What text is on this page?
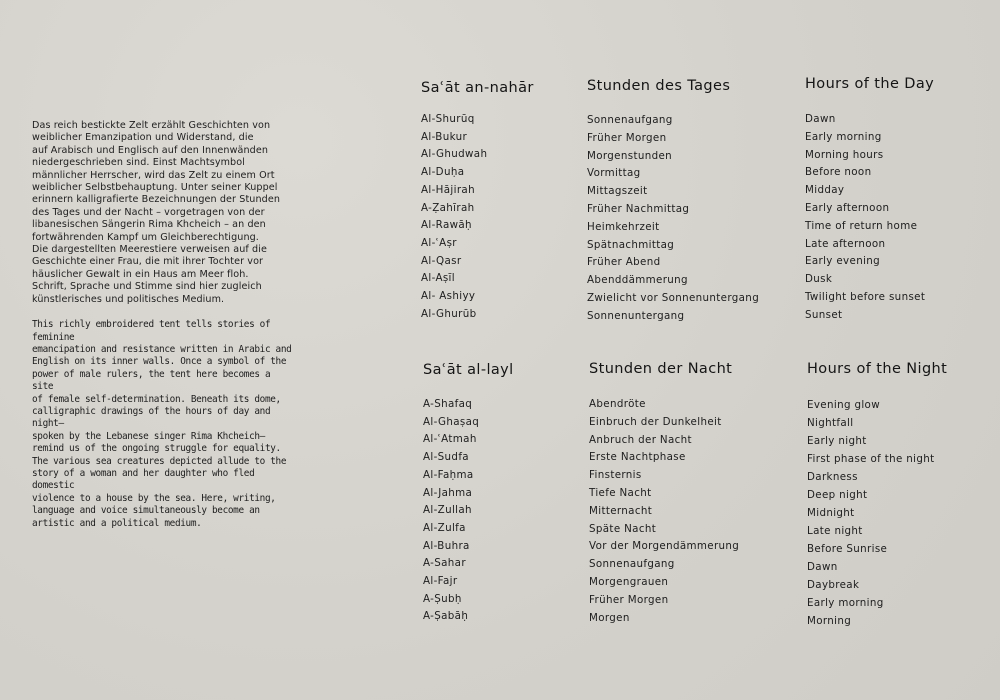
Das reich bestickte Zelt erzählt Geschichten von
weiblicher Emanzipation und Widerstand, die
auf Arabisch und Englisch auf den Innenwänden
niedergeschrieben sind. Einst Machtsymbol
männlicher Herrscher, wird das Zelt zu einem Ort
weiblicher Selbstbehauptung. Unter seiner Kuppel
erinnern kalligrafierte Bezeichnungen der Stunden
des Tages und der Nacht – vorgetragen von der
libanesischen Sängerin Rima Khcheich – an den
fortwährenden Kampf um Gleichberechtigung.
Die dargestellten Meerestiere verweisen auf die
Geschichte einer Frau, die mit ihrer Tochter vor
häuslicher Gewalt in ein Haus am Meer floh.
Schrift, Sprache und Stimme sind hier zugleich
künstlerisches und politisches Medium.

This richly embroidered tent tells stories of feminine
emancipation and resistance written in Arabic and
English on its inner walls. Once a symbol of the
power of male rulers, the tent here becomes a site
of female self-determination. Beneath its dome,
calligraphic drawings of the hours of day and night—
spoken by the Lebanese singer Rima Khcheich—
remind us of the ongoing struggle for equality.
The various sea creatures depicted allude to the
story of a woman and her daughter who fled domestic
violence to a house by the sea. Here, writing,
language and voice simultaneously become an
artistic and a political medium.

Saʿāt an-nahār
Al-Shurūq
Al-Bukur
Al-Ghudwah
Al-Duḥa
Al-Hājirah
A-Ẓahīrah
Al-Rawāḥ
Al-ʿAṣr
Al-Qasr
Al-Aṣīl
Al- Ashiyy
Al-Ghurūb
Stunden des Tages
Sonnenaufgang
Früher Morgen
Morgenstunden
Vormittag
Mittagszeit
Früher Nachmittag
Heimkehrzeit
Spätnachmittag
Früher Abend
Abenddämmerung
Zwielicht vor Sonnenuntergang
Sonnenuntergang
Hours of the Day
Dawn
Early morning
Morning hours
Before noon
Midday
Early afternoon
Time of return home
Late afternoon
Early evening
Dusk
Twilight before sunset
Sunset
Saʿāt al-layl
A-Shafaq
Al-Ghaṣaq
Al-ʿAtmah
Al-Sudfa
Al-Faḥma
Al-Jahma
Al-Zullah
Al-Zulfa
Al-Buhra
A-Sahar
Al-Fajr
A-Ṣubḥ
A-Ṣabāḥ
Stunden der Nacht
Abendröte
Einbruch der Dunkelheit
Anbruch der Nacht
Erste Nachtphase
Finsternis
Tiefe Nacht
Mitternacht
Späte Nacht
Vor der Morgendämmerung
Sonnenaufgang
Morgengrauen
Früher Morgen
Morgen
Hours of the Night
Evening glow
Nightfall
Early night
First phase of the night
Darkness
Deep night
Midnight
Late night
Before Sunrise
Dawn
Daybreak
Early morning
Morning
